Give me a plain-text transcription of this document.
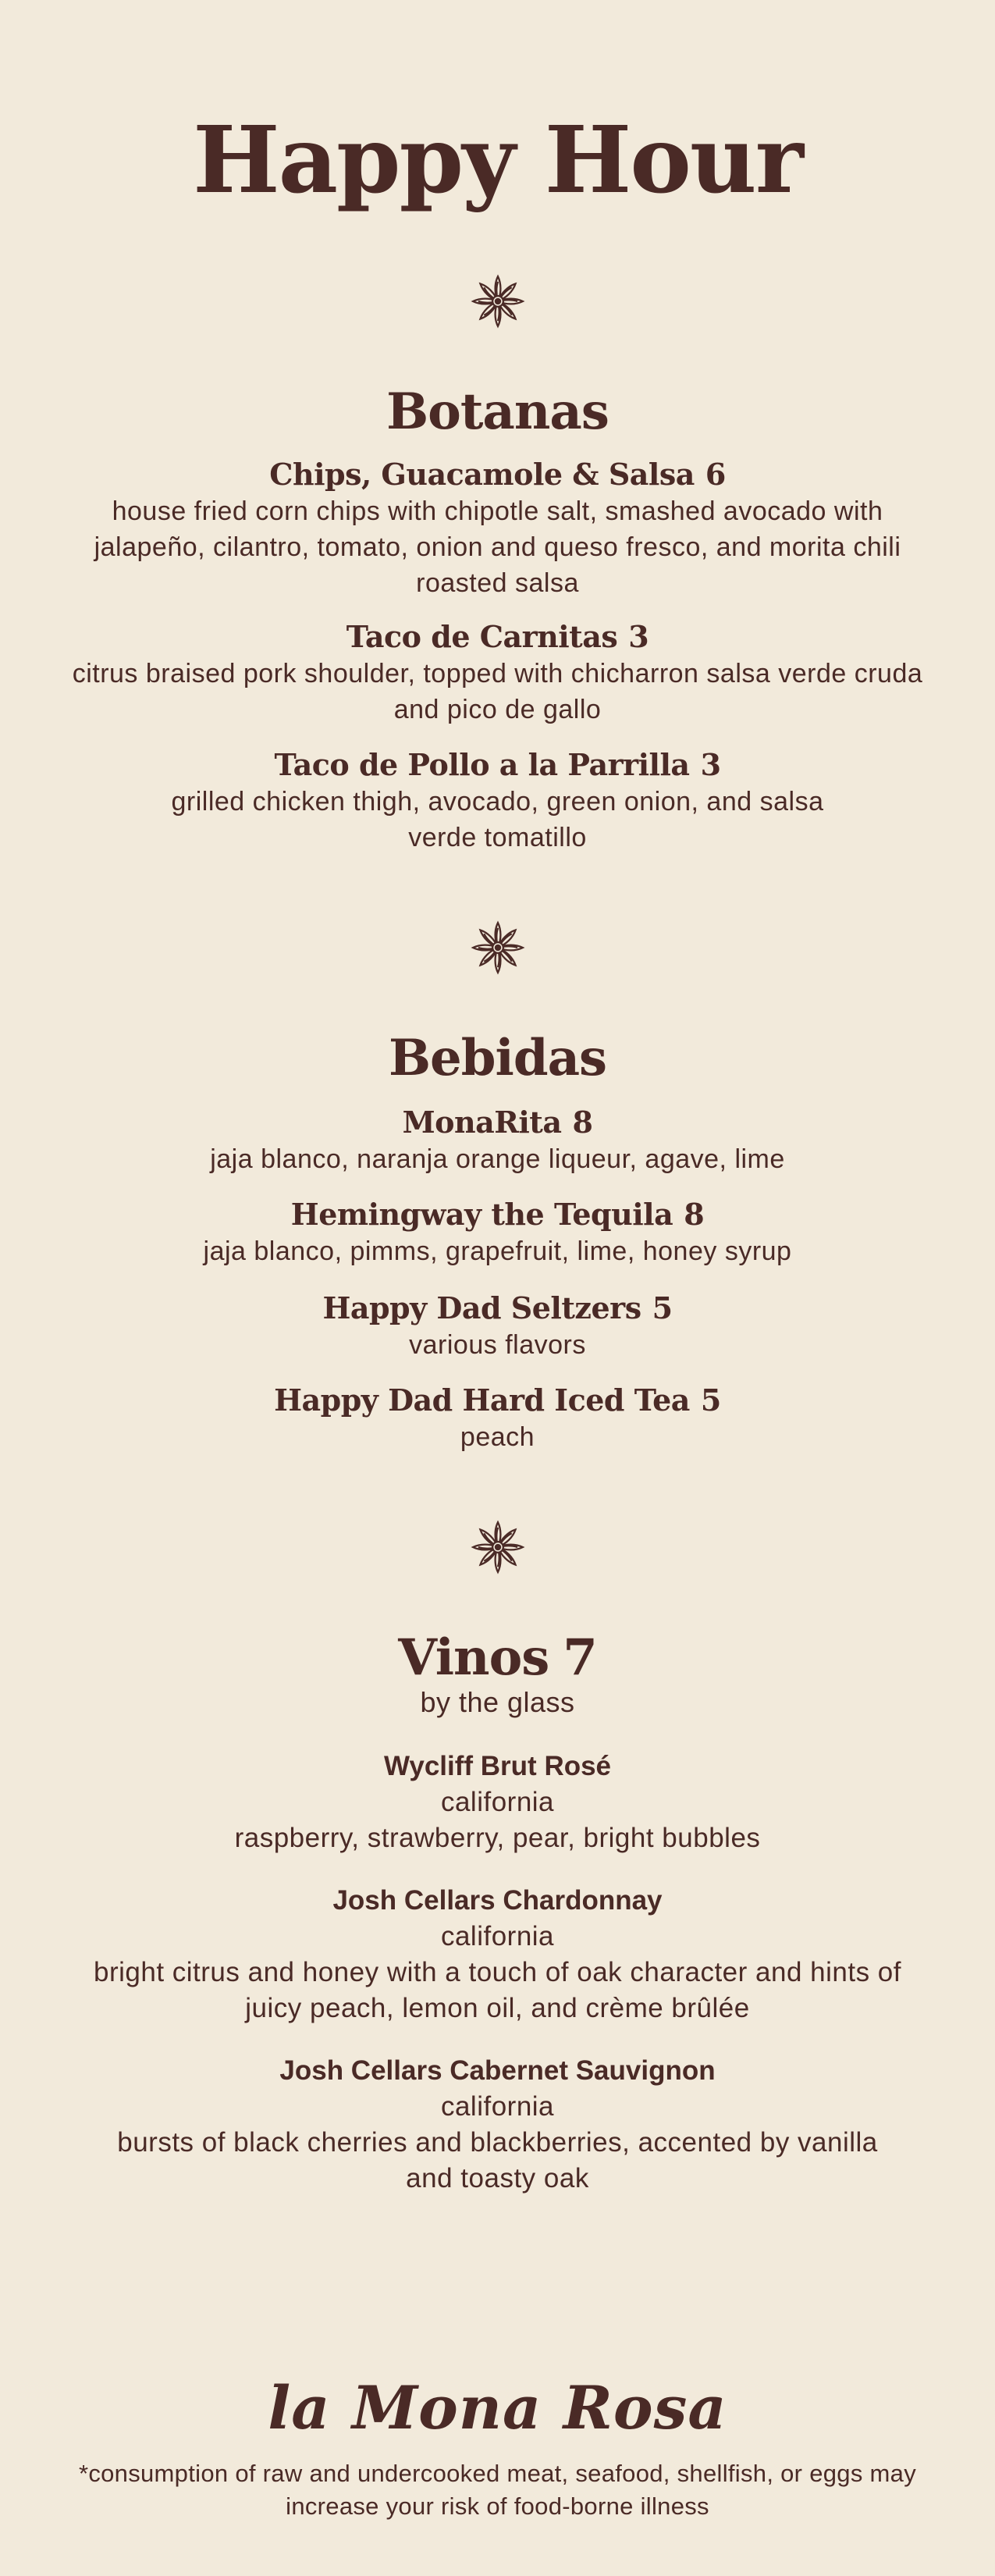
Happy Hour
Botanas
Chips, Guacamole & Salsa 6
house fried corn chips with chipotle salt, smashed avocado with jalapeño, cilantro, tomato, onion and queso fresco, and morita chili roasted salsa
Taco de Carnitas 3
citrus braised pork shoulder, topped with chicharron salsa verde cruda and pico de gallo
Taco de Pollo a la Parrilla 3
grilled chicken thigh, avocado, green onion, and salsa verde tomatillo
Bebidas
MonaRita 8
jaja blanco, naranja orange liqueur, agave, lime
Hemingway the Tequila 8
jaja blanco, pimms, grapefruit, lime, honey syrup
Happy Dad Seltzers 5
various flavors
Happy Dad Hard Iced Tea 5
peach
Vinos 7
by the glass
Wycliff Brut Rosé
california
raspberry, strawberry, pear, bright bubbles
Josh Cellars Chardonnay
california
bright citrus and honey with a touch of oak character and hints of juicy peach, lemon oil, and crème brûlée
Josh Cellars Cabernet Sauvignon
california
bursts of black cherries and blackberries, accented by vanilla and toasty oak
la Mona Rosa
*consumption of raw and undercooked meat, seafood, shellfish, or eggs may increase your risk of food-borne illness
